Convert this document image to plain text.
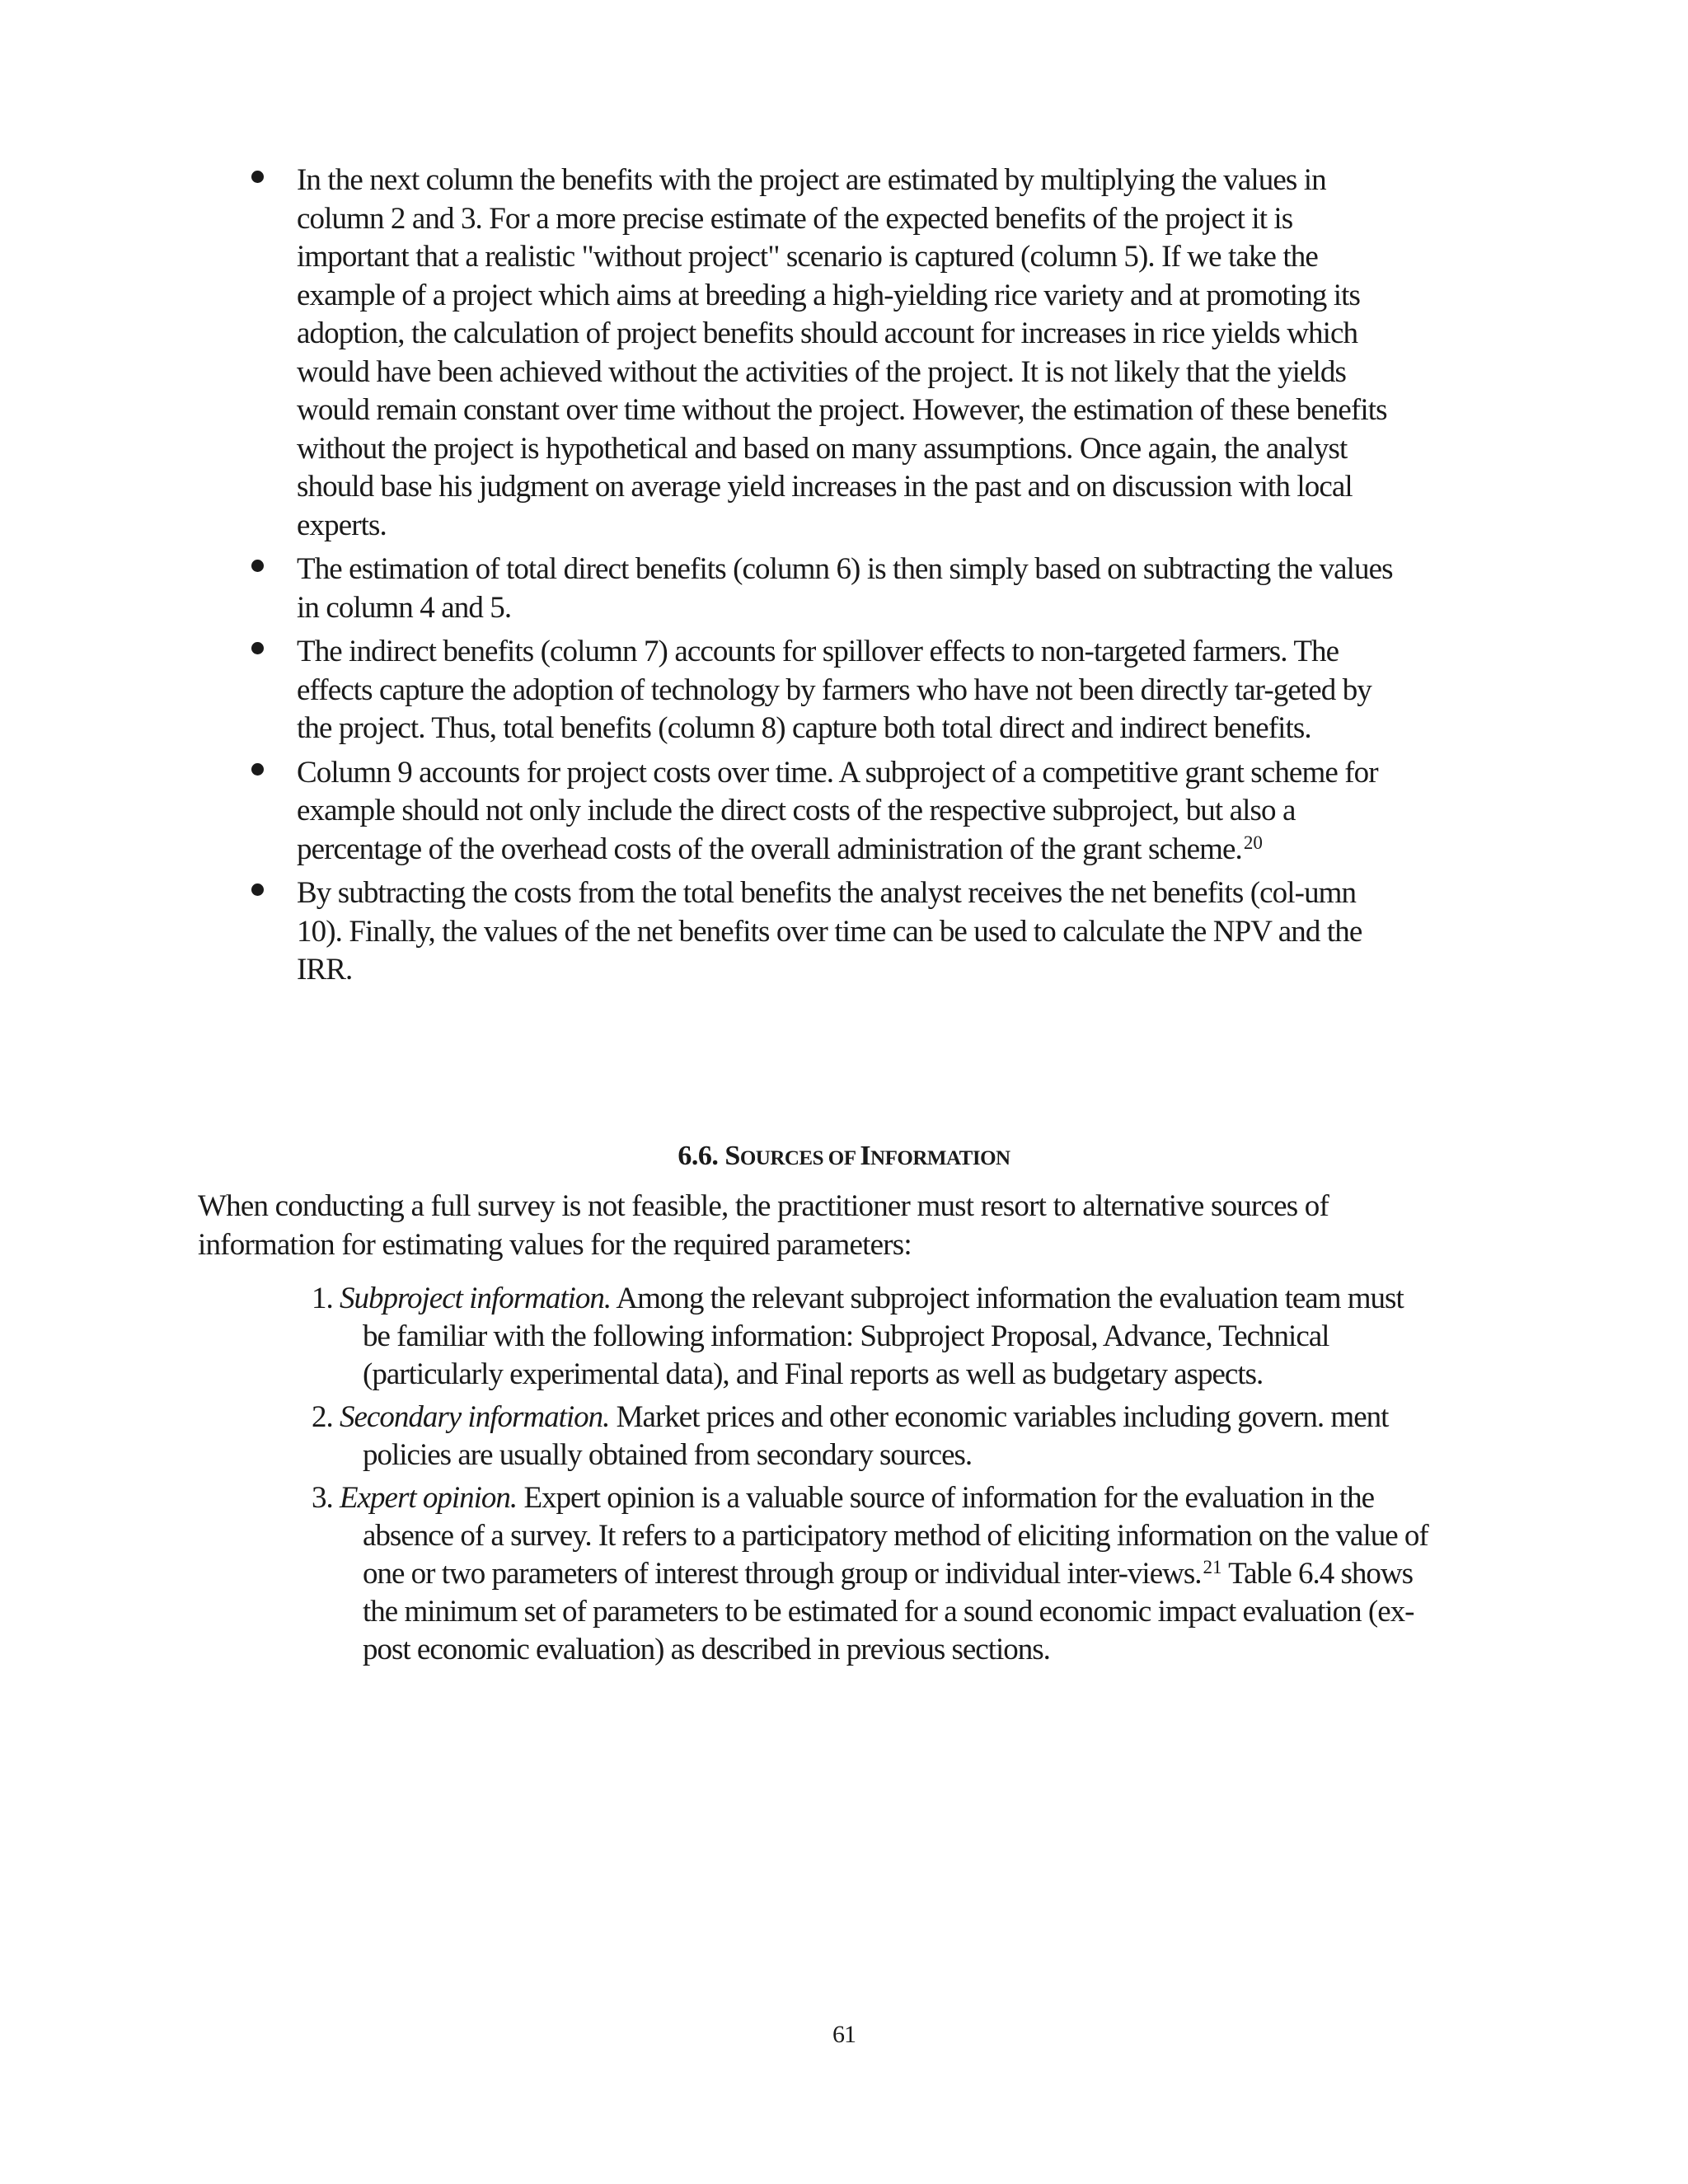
In the next column the benefits with the project are estimated by multiplying the values in column 2 and 3. For a more precise estimate of the expected benefits of the project it is important that a realistic "without project" scenario is captured (column 5). If we take the example of a project which aims at breeding a high-yielding rice variety and at promoting its adoption, the calculation of project benefits should account for increases in rice yields which would have been achieved without the activities of the project. It is not likely that the yields would remain constant over time without the project. However, the estimation of these benefits without the project is hypothetical and based on many assumptions. Once again, the analyst should base his judgment on average yield increases in the past and on discussion with local experts.
The estimation of total direct benefits (column 6) is then simply based on subtracting the values in column 4 and 5.
The indirect benefits (column 7) accounts for spillover effects to non-targeted farmers. The effects capture the adoption of technology by farmers who have not been directly tar-geted by the project. Thus, total benefits (column 8) capture both total direct and indirect benefits.
Column 9 accounts for project costs over time. A subproject of a competitive grant scheme for example should not only include the direct costs of the respective subproject, but also a percentage of the overhead costs of the overall administration of the grant scheme.$^{20}$
By subtracting the costs from the total benefits the analyst receives the net benefits (col-umn 10). Finally, the values of the net benefits over time can be used to calculate the NPV and the IRR.
6.6. SOURCES OF INFORMATION

When conducting a full survey is not feasible, the practitioner must resort to alternative sources of information for estimating values for the required parameters:

1. Subproject information. Among the relevant subproject information the evaluation team must be familiar with the following information: Subproject Proposal, Advance, Technical (particularly experimental data), and Final reports as well as budgetary aspects.
2. Secondary information. Market prices and other economic variables including govern. ment policies are usually obtained from secondary sources.
3. Expert opinion. Expert opinion is a valuable source of information for the evaluation in the absence of a survey. It refers to a participatory method of eliciting information on the value of one or two parameters of interest through group or individual inter-views.$^{21}$ Table 6.4 shows the minimum set of parameters to be estimated for a sound economic impact evaluation (ex-post economic evaluation) as described in previous sections.
61
